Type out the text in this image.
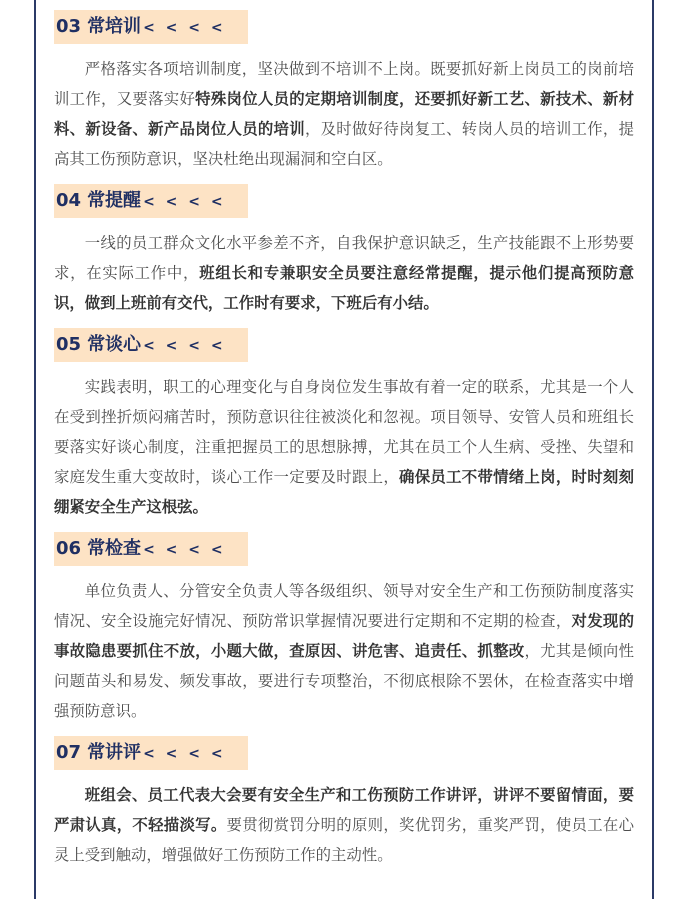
03 常培训 < < < <
严格落实各项培训制度，坚决做到不培训不上岗。既要抓好新上岗员工的岗前培训工作，又要落实好特殊岗位人员的定期培训制度，还要抓好新工艺、新技术、新材料、新设备、新产品岗位人员的培训，及时做好待岗复工、转岗人员的培训工作，提高其工伤预防意识，坚决杜绝出现漏洞和空白区。
04 常提醒 < < < <
一线的员工群众文化水平参差不齐，自我保护意识缺乏，生产技能跟不上形势要求，在实际工作中，班组长和专兼职安全员要注意经常提醒，提示他们提高预防意识，做到上班前有交代，工作时有要求，下班后有小结。
05 常谈心 < < < <
实践表明，职工的心理变化与自身岗位发生事故有着一定的联系，尤其是一个人在受到挫折烦闷痛苦时，预防意识往往被淡化和忽视。项目领导、安管人员和班组长要落实好谈心制度，注重把握员工的思想脉搏，尤其在员工个人生病、受挫、失望和家庭发生重大变故时，谈心工作一定要及时跟上，确保员工不带情绪上岗，时时刻刻绷紧安全生产这根弦。
06 常检查 < < < <
单位负责人、分管安全负责人等各级组织、领导对安全生产和工伤预防制度落实情况、安全设施完好情况、预防常识掌握情况要进行定期和不定期的检查，对发现的事故隐患要抓住不放，小题大做，查原因、讲危害、追责任、抓整改，尤其是倾向性问题苗头和易发、频发事故，要进行专项整治，不彻底根除不罢休，在检查落实中增强预防意识。
07 常讲评 < < < <
班组会、员工代表大会要有安全生产和工伤预防工作讲评，讲评不要留情面，要严肃认真，不轻描淡写。要贯彻赏罚分明的原则，奖优罚劣，重奖严罚，使员工在心灵上受到触动，增强做好工伤预防工作的主动性。
